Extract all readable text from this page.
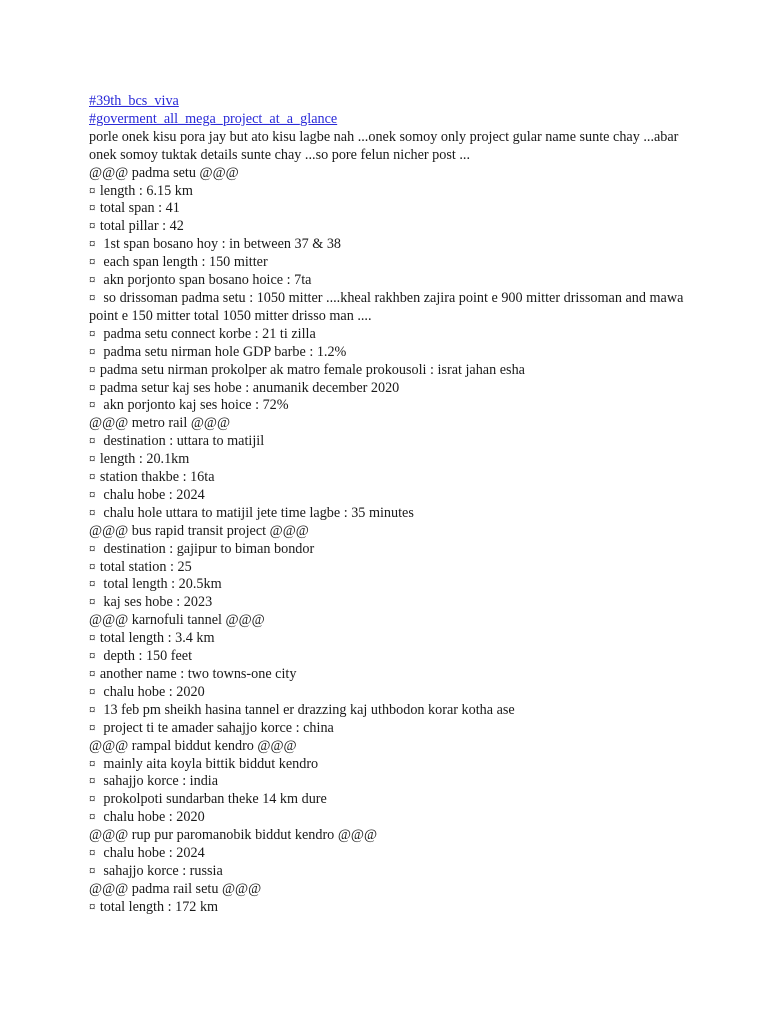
#39th_bcs_viva
#goverment_all_mega_project_at_a_glance
porle onek kisu pora jay but ato kisu lagbe nah ...onek somoy only project gular name sunte chay ...abar onek somoy tuktak details sunte chay ...so pore felun nicher post ...
@@@ padma setu @@@
¤ length : 6.15 km
¤ total span : 41
¤ total pillar : 42
¤ 1st span bosano hoy : in between 37 & 38
¤ each span length : 150 mitter
¤ akn porjonto span bosano hoice : 7ta
¤ so drissoman padma setu : 1050 mitter ....kheal rakhben zajira point e 900 mitter drissoman and mawa point e 150 mitter total 1050 mitter drisso man ....
¤ padma setu connect korbe : 21 ti zilla
¤ padma setu nirman hole GDP barbe : 1.2%
¤ padma setu nirman prokolper ak matro female prokousoli : israt jahan esha
¤ padma setur kaj ses hobe : anumanik december 2020
¤ akn porjonto kaj ses hoice : 72%
@@@ metro rail @@@
¤ destination : uttara to matijil
¤ length : 20.1km
¤ station thakbe : 16ta
¤ chalu hobe : 2024
¤ chalu hole uttara to matijil jete time lagbe : 35 minutes
@@@ bus rapid transit project @@@
¤ destination : gajipur to biman bondor
¤ total station : 25
¤ total length : 20.5km
¤ kaj ses hobe : 2023
@@@ karnofuli tannel @@@
¤ total length : 3.4 km
¤ depth : 150 feet
¤ another name : two towns-one city
¤ chalu hobe : 2020
¤ 13 feb pm sheikh hasina tannel er drazzing kaj uthbodon korar kotha ase
¤ project ti te amader sahajjo korce : china
@@@ rampal biddut kendro @@@
¤ mainly aita koyla bittik biddut kendro
¤ sahajjo korce : india
¤ prokolpoti sundarban theke 14 km dure
¤ chalu hobe : 2020
@@@ rup pur paromanobik biddut kendro @@@
¤ chalu hobe : 2024
¤ sahajjo korce : russia
@@@ padma rail setu @@@
¤ total length : 172 km
